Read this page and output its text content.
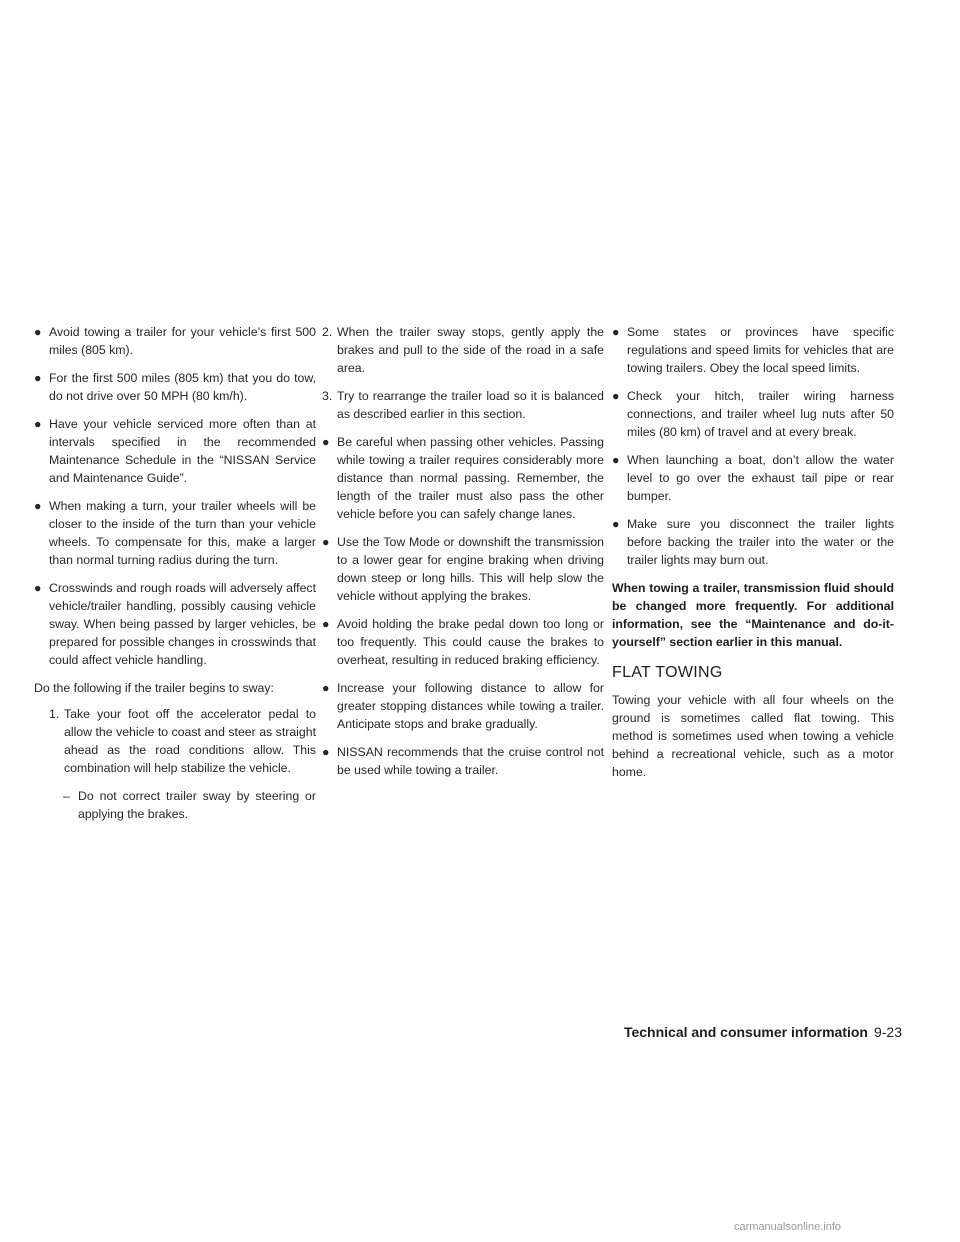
● Avoid towing a trailer for your vehicle’s first 500 miles (805 km).
● For the first 500 miles (805 km) that you do tow, do not drive over 50 MPH (80 km/h).
● Have your vehicle serviced more often than at intervals specified in the recommended Maintenance Schedule in the “NISSAN Service and Maintenance Guide”.
● When making a turn, your trailer wheels will be closer to the inside of the turn than your vehicle wheels. To compensate for this, make a larger than normal turning radius during the turn.
● Crosswinds and rough roads will adversely affect vehicle/trailer handling, possibly causing vehicle sway. When being passed by larger vehicles, be prepared for possible changes in crosswinds that could affect vehicle handling.

Do the following if the trailer begins to sway:

1. Take your foot off the accelerator pedal to allow the vehicle to coast and steer as straight ahead as the road conditions allow. This combination will help stabilize the vehicle.
– Do not correct trailer sway by steering or applying the brakes.
2. When the trailer sway stops, gently apply the brakes and pull to the side of the road in a safe area.
3. Try to rearrange the trailer load so it is balanced as described earlier in this section.
● Be careful when passing other vehicles. Passing while towing a trailer requires considerably more distance than normal passing. Remember, the length of the trailer must also pass the other vehicle before you can safely change lanes.
● Use the Tow Mode or downshift the transmission to a lower gear for engine braking when driving down steep or long hills. This will help slow the vehicle without applying the brakes.
● Avoid holding the brake pedal down too long or too frequently. This could cause the brakes to overheat, resulting in reduced braking efficiency.
● Increase your following distance to allow for greater stopping distances while towing a trailer. Anticipate stops and brake gradually.
● NISSAN recommends that the cruise control not be used while towing a trailer.
● Some states or provinces have specific regulations and speed limits for vehicles that are towing trailers. Obey the local speed limits.
● Check your hitch, trailer wiring harness connections, and trailer wheel lug nuts after 50 miles (80 km) of travel and at every break.
● When launching a boat, don’t allow the water level to go over the exhaust tail pipe or rear bumper.
● Make sure you disconnect the trailer lights before backing the trailer into the water or the trailer lights may burn out.

When towing a trailer, transmission fluid should be changed more frequently. For additional information, see the “Maintenance and do-it-yourself” section earlier in this manual.

FLAT TOWING

Towing your vehicle with all four wheels on the ground is sometimes called flat towing. This method is sometimes used when towing a vehicle behind a recreational vehicle, such as a motor home.

Technical and consumer information 9-23
carmanualsonline.info
